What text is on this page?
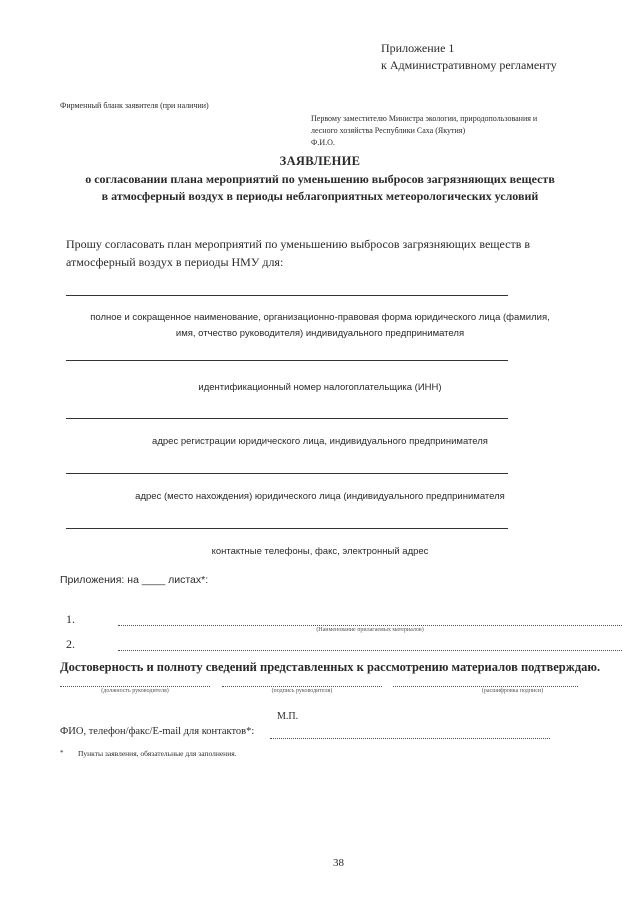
Приложение 1
к Административному регламенту
Фирменный бланк заявителя (при наличии)
Первому заместителю Министра экологии, природопользования и
лесного хозяйства Республики Саха (Якутия)
Ф.И.О.
ЗАЯВЛЕНИЕ
о согласовании плана мероприятий по уменьшению выбросов загрязняющих веществ
в атмосферный воздух в периоды неблагоприятных метеорологических условий
Прошу согласовать план мероприятий по уменьшению выбросов загрязняющих веществ в
атмосферный воздух в периоды НМУ для:
полное и сокращенное наименование, организационно-правовая форма юридического лица (фамилия,
имя, отчество руководителя) индивидуального предпринимателя
идентификационный номер налогоплательщика (ИНН)
адрес регистрации юридического лица, индивидуального предпринимателя
адрес (место нахождения) юридического лица (индивидуального предпринимателя
контактные телефоны, факс, электронный адрес
Приложения: на ____ листах*:
1.
(Наименование прилагаемых материалов)
2.
Достоверность и полноту сведений представленных к рассмотрению материалов подтверждаю.
(должность руководителя)	(подпись руководителя)	(расшифровка подписи)
М.П.
ФИО, телефон/факс/E-mail для контактов*:
* Пункты заявления, обязательные для заполнения.
38
